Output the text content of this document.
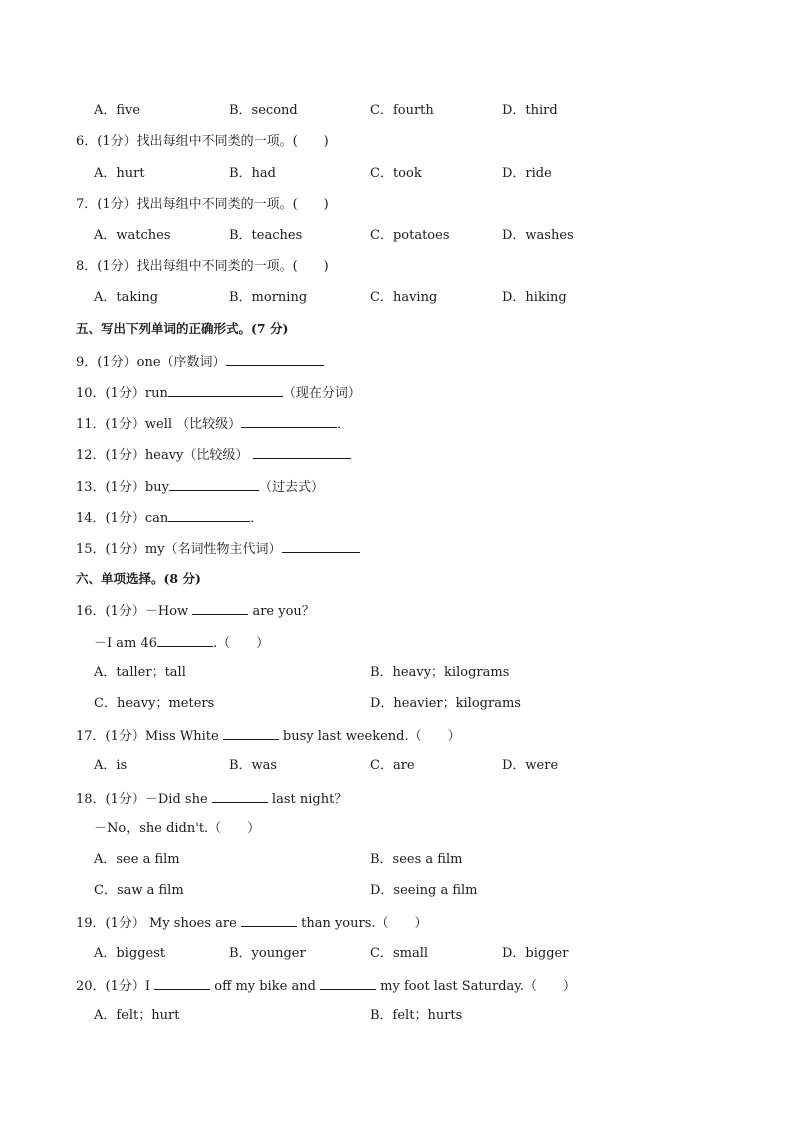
A．five	B．second	C．fourth	D．third
6．(1分）找出每组中不同类的一项。(　　)
A．hurt	B．had	C．took	D．ride
7．(1分）找出每组中不同类的一项。(　　)
A．watches	B．teaches	C．potatoes	D．washes
8．(1分）找出每组中不同类的一项。(　　)
A．taking	B．morning	C．having	D．hiking
五、写出下列单词的正确形式。(7 分)
9．(1分）one（序数词）
10．(1分）run	（现在分词）
11．(1分）well （比较级）	．
12．(1分）heavy（比较级）
13．(1分）buy	（过去式）
14．(1分）can	．
15．(1分）my（名词性物主代词）
六、单项选择。(8 分)
16．(1分）－How	are you？
－I am 46	.（　　）
A．taller；tall	B．heavy；kilograms
C．heavy；meters	D．heavier；kilograms
17．(1分）Miss White	busy last weekend.（　　）
A．is	B．was	C．are	D．were
18．(1分）－Did she	last night？
－No，she didn't.（　　）
A．see a film	B．sees a film
C．saw a film	D．seeing a film
19．(1分） My shoes are	than yours.（　　）
A．biggest	B．younger	C．small	D．bigger
20．(1分）I	off my bike and	my foot last Saturday.（　　）
A．felt；hurt	B．felt；hurts
